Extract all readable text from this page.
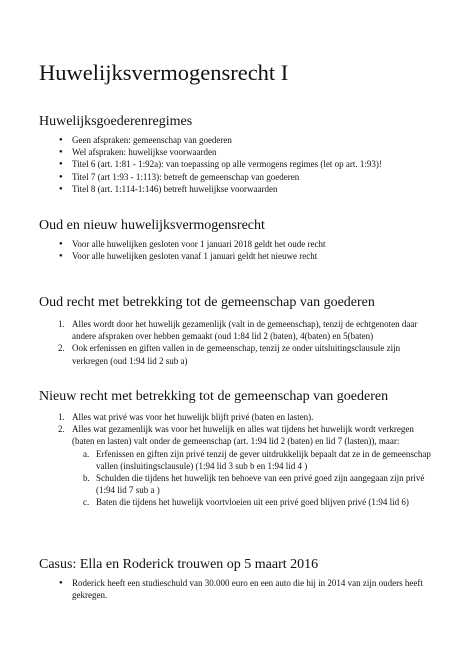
Huwelijksvermogensrecht I
Huwelijksgoederenregimes
● Geen afspraken: gemeenschap van goederen
● Wel afspraken: huwelijkse voorwaarden
● Titel 6 (art. 1:81 - 1:92a): van toepassing op alle vermogens regimes (let op art. 1:93)!
● Titel 7 (art 1:93 - 1:113): betreft de gemeenschap van goederen
● Titel 8 (art. 1:114-1:146) betreft huwelijkse voorwaarden
Oud en nieuw huwelijksvermogensrecht
● Voor alle huwelijken gesloten voor 1 januari 2018 geldt het oude recht
● Voor alle huwelijken gesloten vanaf 1 januari geldt het nieuwe recht
Oud recht met betrekking tot de gemeenschap van goederen
1. Alles wordt door het huwelijk gezamenlijk (valt in de gemeenschap), tenzij de echtgenoten daar andere afspraken over hebben gemaakt (oud 1:84 lid 2 (baten), 4(baten) en 5(baten)
2. Ook erfenissen en giften vallen in de gemeenschap, tenzij ze onder uitsluitingsclausule zijn verkregen (oud 1:94 lid 2 sub a)
Nieuw recht met betrekking tot de gemeenschap van goederen
1. Alles wat privé was voor het huwelijk blijft privé (baten en lasten).
2. Alles wat gezamenlijk was voor het huwelijk en alles wat tijdens het huwelijk wordt verkregen (baten en lasten) valt onder de gemeenschap (art. 1:94 lid 2 (baten) en lid 7 (lasten)), maar:
a. Erfenissen en giften zijn privé tenzij de gever uitdrukkelijk bepaalt dat ze in de gemeenschap vallen (insluitingsclausule) (1:94 lid 3 sub b en 1:94 lid 4 )
b. Schulden die tijdens het huwelijk ten behoeve van een privé goed zijn aangegaan zijn privé (1:94 lid 7 sub a )
c. Baten die tijdens het huwelijk voortvloeien uit een privé goed blijven privé (1:94 lid 6)
Casus: Ella en Roderick trouwen op 5 maart 2016
● Roderick heeft een studieschuld van 30.000 euro en een auto die hij in 2014 van zijn ouders heeft gekregen.
